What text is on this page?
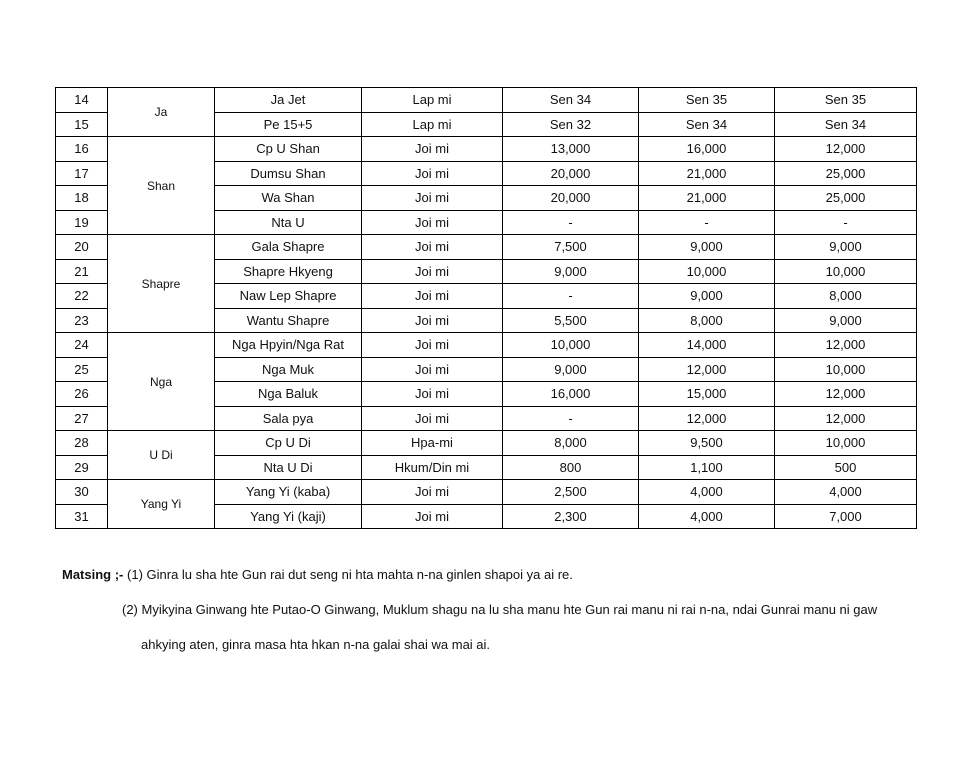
14	Ja	Ja Jet	Lap mi	Sen 34	Sen 35	Sen 35
15		Pe 15+5	Lap mi	Sen 32	Sen 34	Sen 34
16	Shan	Cp U Shan	Joi mi	13,000	16,000	12,000
17		Dumsu Shan	Joi mi	20,000	21,000	25,000
18		Wa Shan	Joi mi	20,000	21,000	25,000
19		Nta U	Joi mi	-	-	-
20	Shapre	Gala Shapre	Joi mi	7,500	9,000	9,000
21		Shapre Hkyeng	Joi mi	9,000	10,000	10,000
22		Naw Lep Shapre	Joi mi	-	9,000	8,000
23		Wantu Shapre	Joi mi	5,500	8,000	9,000
24	Nga	Nga Hpyin/Nga Rat	Joi mi	10,000	14,000	12,000
25		Nga Muk	Joi mi	9,000	12,000	10,000
26		Nga Baluk	Joi mi	16,000	15,000	12,000
27		Sala pya	Joi mi	-	12,000	12,000
28	U Di	Cp U Di	Hpa-mi	8,000	9,500	10,000
29		Nta U Di	Hkum/Din mi	800	1,100	500
30	Yang Yi	Yang Yi (kaba)	Joi mi	2,500	4,000	4,000
31		Yang Yi (kaji)	Joi mi	2,300	4,000	7,000
Matsing ;- (1) Ginra lu sha hte Gun rai dut seng ni hta mahta n-na ginlen shapoi ya ai re.
(2) Myikyina Ginwang hte Putao-O Ginwang, Muklum shagu na lu sha manu hte Gun rai manu ni rai n-na, ndai Gunrai manu ni gaw
ahkying aten, ginra masa hta hkan n-na galai shai wa mai ai.
